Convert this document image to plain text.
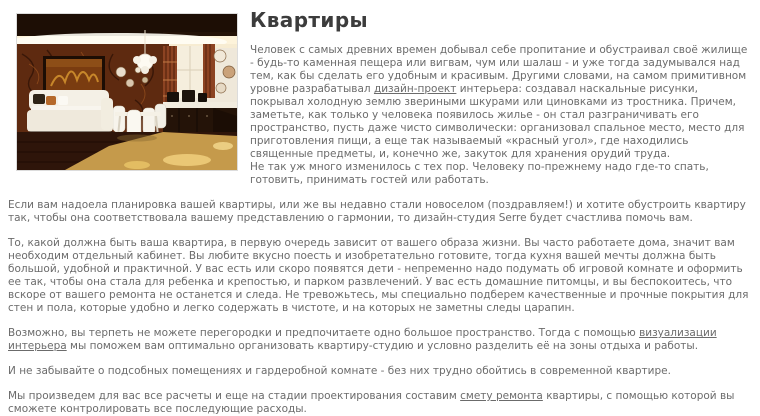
Квартиры

Человек с самых древних времен добывал себе пропитание и обустраивал своё жилище - будь-то каменная пещера или вигвам, чум или шалаш - и уже тогда задумывался над тем, как бы сделать его удобным и красивым. Другими словами, на самом примитивном уровне разрабатывал дизайн-проект интерьера: создавал наскальные рисунки, покрывал холодную землю звериными шкурами или циновками из тростника. Причем, заметьте, как только у человека появилось жилье - он стал разграничивать его пространство, пусть даже чисто символически: организовал спальное место, место для приготовления пищи, а еще так называемый «красный угол», где находились священные предметы, и, конечно же, закуток для хранения орудий труда.
Не так уж много изменилось с тех пор. Человеку по-прежнему надо где-то спать, готовить, принимать гостей или работать.

Если вам надоела планировка вашей квартиры, или же вы недавно стали новоселом (поздравляем!) и хотите обустроить квартиру так, чтобы она соответствовала вашему представлению о гармонии, то дизайн-студия Serre будет счастлива помочь вам.

То, какой должна быть ваша квартира, в первую очередь зависит от вашего образа жизни. Вы часто работаете дома, значит вам необходим отдельный кабинет. Вы любите вкусно поесть и изобретательно готовите, тогда кухня вашей мечты должна быть большой, удобной и практичной. У вас есть или скоро появятся дети - непременно надо подумать об игровой комнате и оформить ее так, чтобы она стала для ребенка и крепостью, и парком развлечений. У вас есть домашние питомцы, и вы беспокоитесь, что вскоре от вашего ремонта не останется и следа. Не тревожьтесь, мы специально подберем качественные и прочные покрытия для стен и пола, которые удобно и легко содержать в чистоте, и на которых не заметны следы царапин.

Возможно, вы терпеть не можете перегородки и предпочитаете одно большое пространство. Тогда с помощью визуализации интерьера мы поможем вам оптимально организовать квартиру-студию и условно разделить её на зоны отдыха и работы.

И не забывайте о подсобных помещениях и гардеробной комнате - без них трудно обойтись в современной квартире.

Мы произведем для вас все расчеты и еще на стадии проектирования составим смету ремонта квартиры, с помощью которой вы сможете контролировать все последующие расходы.
